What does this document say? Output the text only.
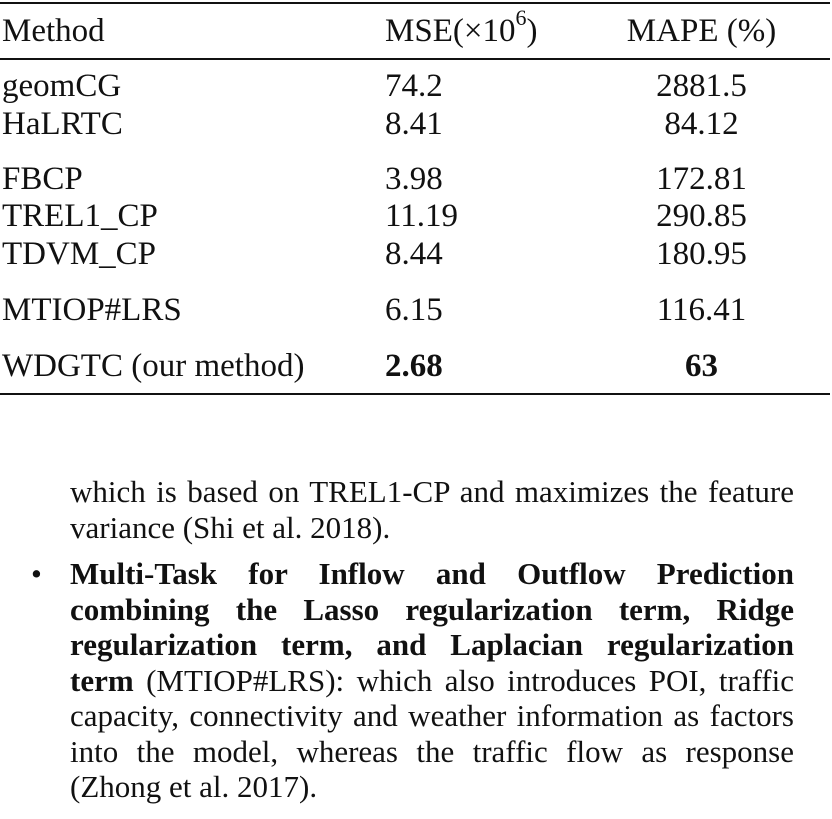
Method	$MSE(\times 10^6)$	MAPE (%)
geomCG	74.2	2881.5
HaLRTC	8.41	84.12
FBCP	3.98	172.81
TREL1_CP	11.19	290.85
TDVM_CP	8.44	180.95
MTIOP#LRS	6.15	116.41
WDGTC (our method) 2.68	63
which is based on TREL1-CP and maximizes the feature variance (Shi et al. 2018).
• Multi-Task for Inflow and Outflow Prediction combining the Lasso regularization term, Ridge regularization term, and Laplacian regularization term (MTIOP#LRS): which also introduces POI, traffic capacity, connectivity and weather information as factors into the model, whereas the traffic flow as response (Zhong et al. 2017).
